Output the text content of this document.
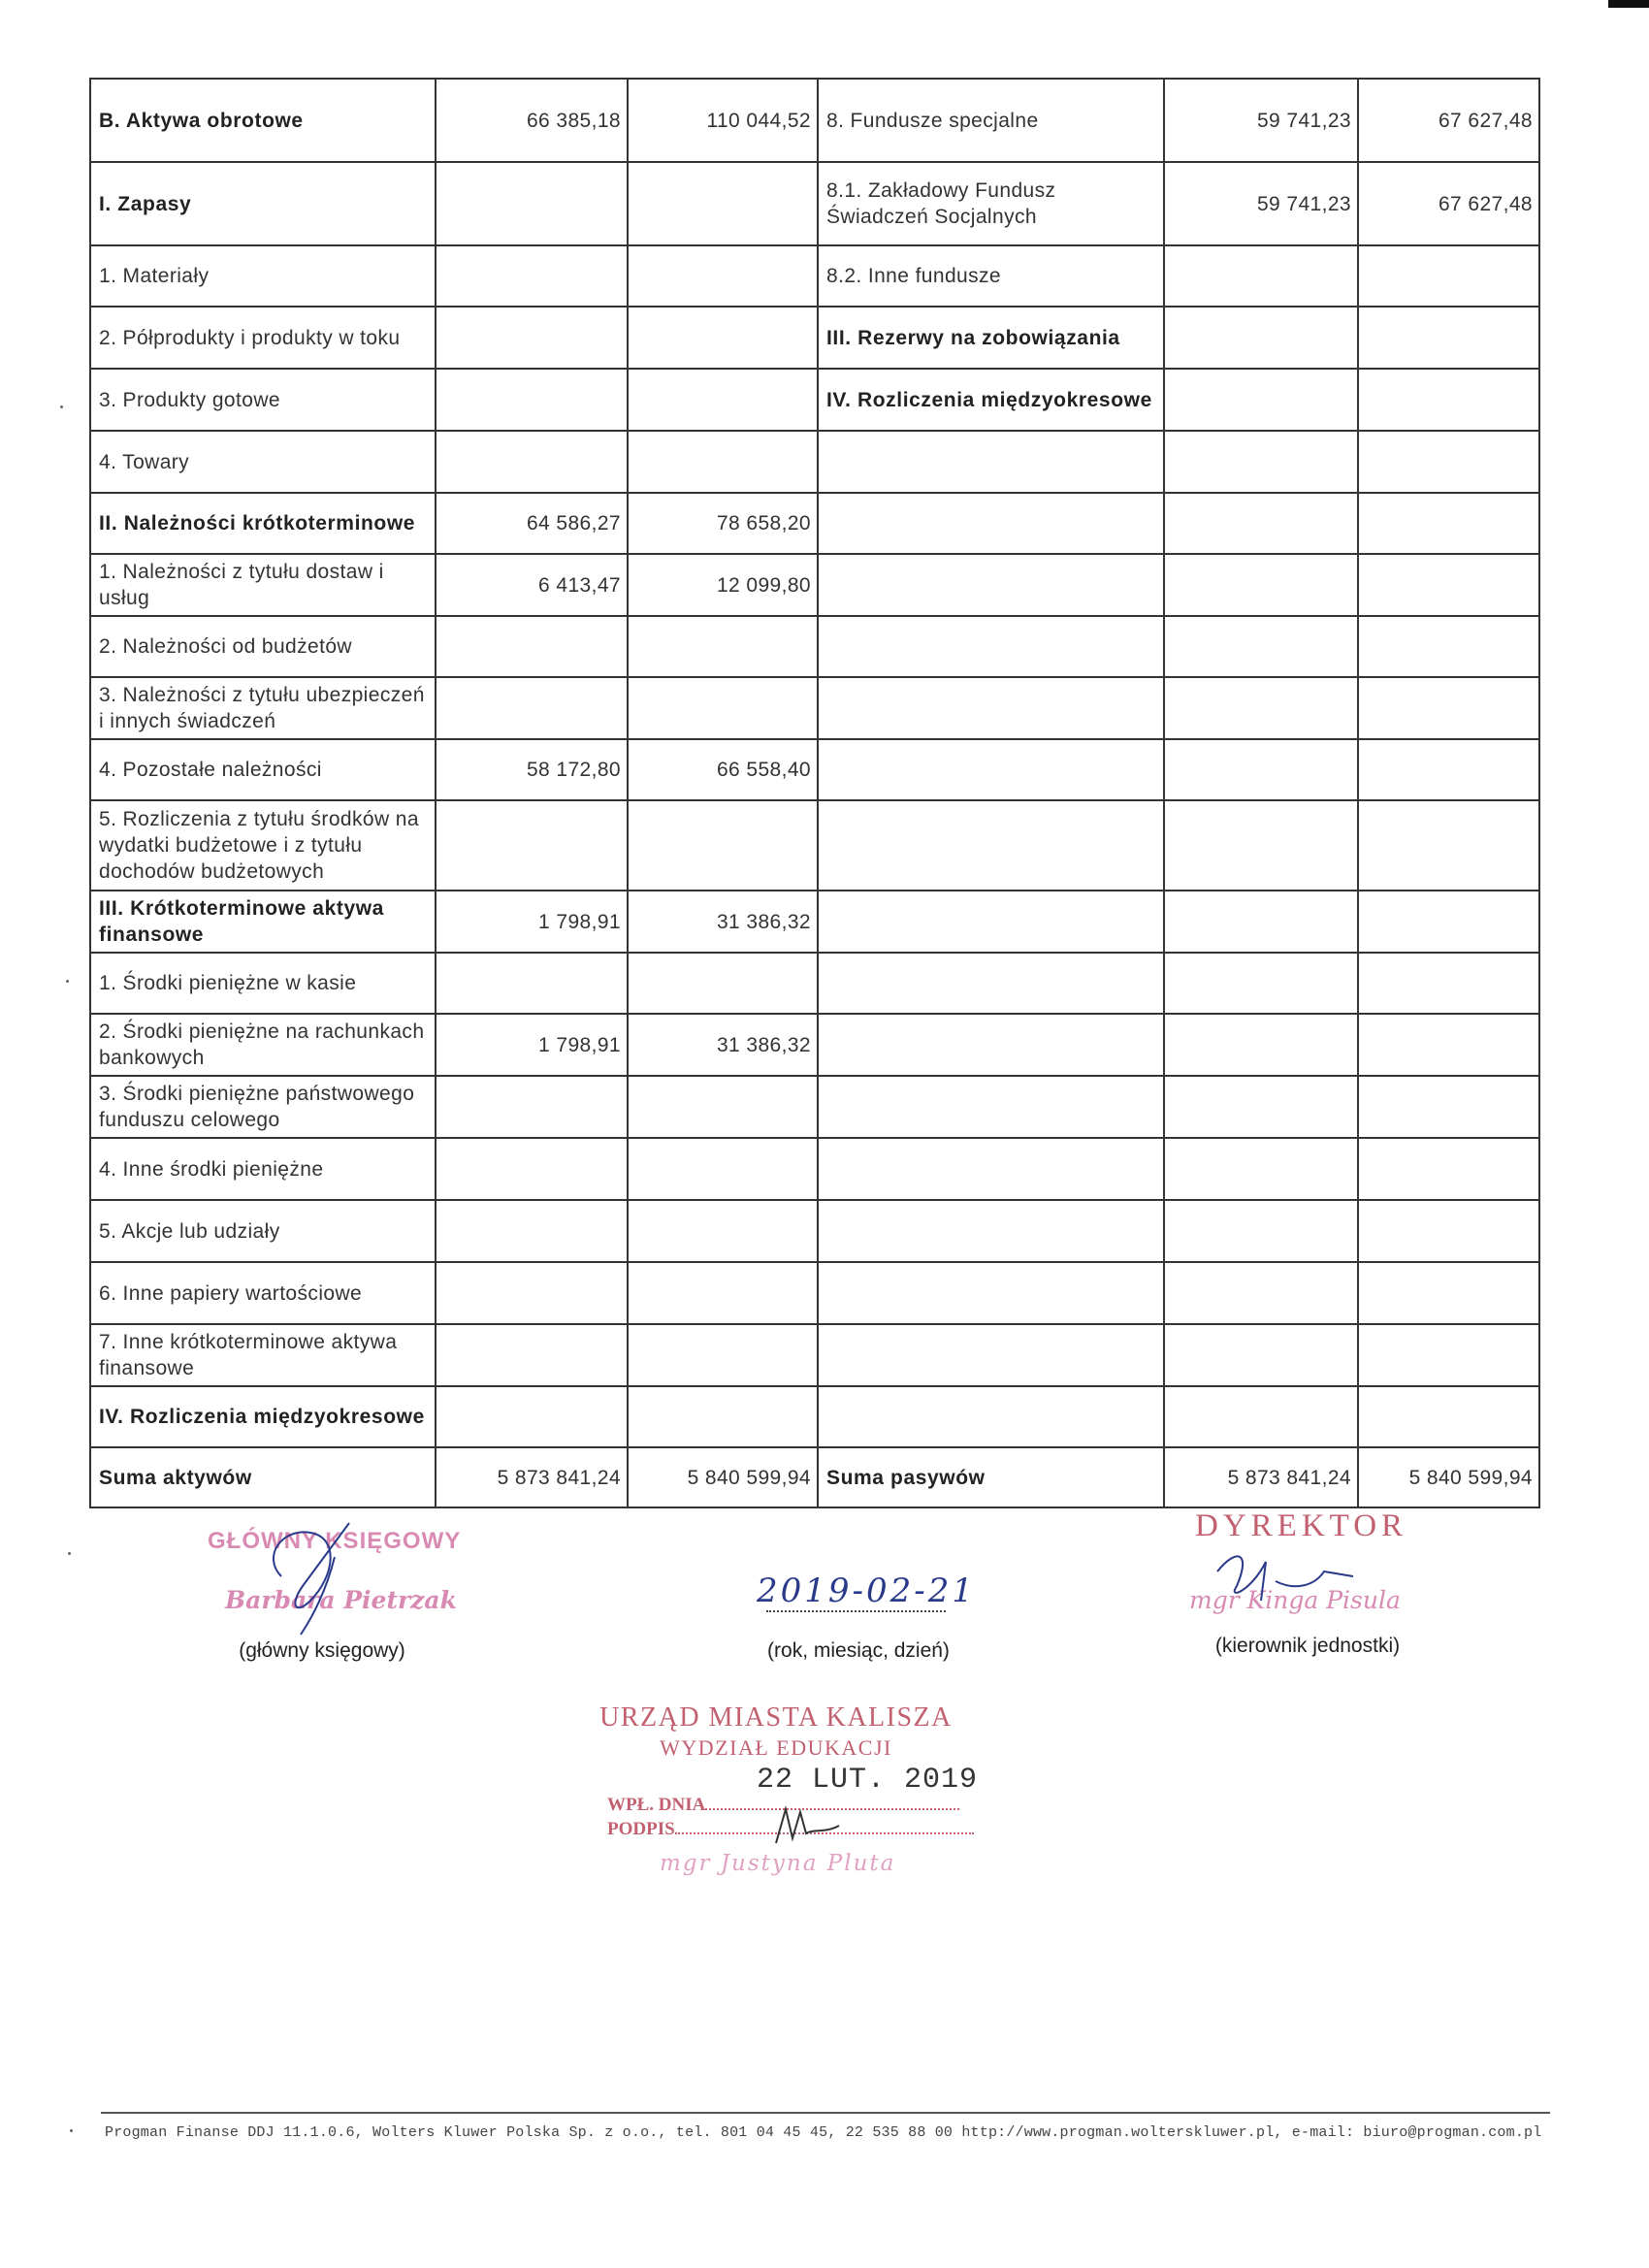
B. Aktywa obrotowe	66 385,18	110 044,52	8. Fundusze specjalne	59 741,23	67 627,48
I. Zapasy			8.1. Zakładowy Fundusz Świadczeń Socjalnych	59 741,23	67 627,48
1. Materiały			8.2. Inne fundusze		
2. Półprodukty i produkty w toku			III. Rezerwy na zobowiązania		
3. Produkty gotowe			IV. Rozliczenia międzyokresowe		
4. Towary					
II. Należności krótkoterminowe	64 586,27	78 658,20			
1. Należności z tytułu dostaw i usług	6 413,47	12 099,80			
2. Należności od budżetów					
3. Należności z tytułu ubezpieczeń i innych świadczeń					
4. Pozostałe należności	58 172,80	66 558,40			
5. Rozliczenia z tytułu środków na wydatki budżetowe i z tytułu dochodów budżetowych					
III. Krótkoterminowe aktywa finansowe	1 798,91	31 386,32			
1. Środki pieniężne w kasie					
2. Środki pieniężne na rachunkach bankowych	1 798,91	31 386,32			
3. Środki pieniężne państwowego funduszu celowego					
4. Inne środki pieniężne					
5. Akcje lub udziały					
6. Inne papiery wartościowe					
7. Inne krótkoterminowe aktywa finansowe					
IV. Rozliczenia międzyokresowe					
Suma aktywów	5 873 841,24	5 840 599,94	Suma pasywów	5 873 841,24	5 840 599,94
GŁÓWNY KSIĘGOWY
Barbara Pietrzak
(główny księgowy)
2019-02-21
(rok, miesiąc, dzień)
DYREKTOR
mgr Kinga Pisula
(kierownik jednostki)
URZĄD MIASTA KALISZA
WYDZIAŁ EDUKACJI
22 LUT. 2019
WPŁ. DNIA
PODPIS
mgr Justyna Pluta
Progman Finanse DDJ 11.1.0.6, Wolters Kluwer Polska Sp. z o.o., tel. 801 04 45 45, 22 535 88 00 http://www.progman.wolterskluwer.pl, e-mail: biuro@progman.com.pl
